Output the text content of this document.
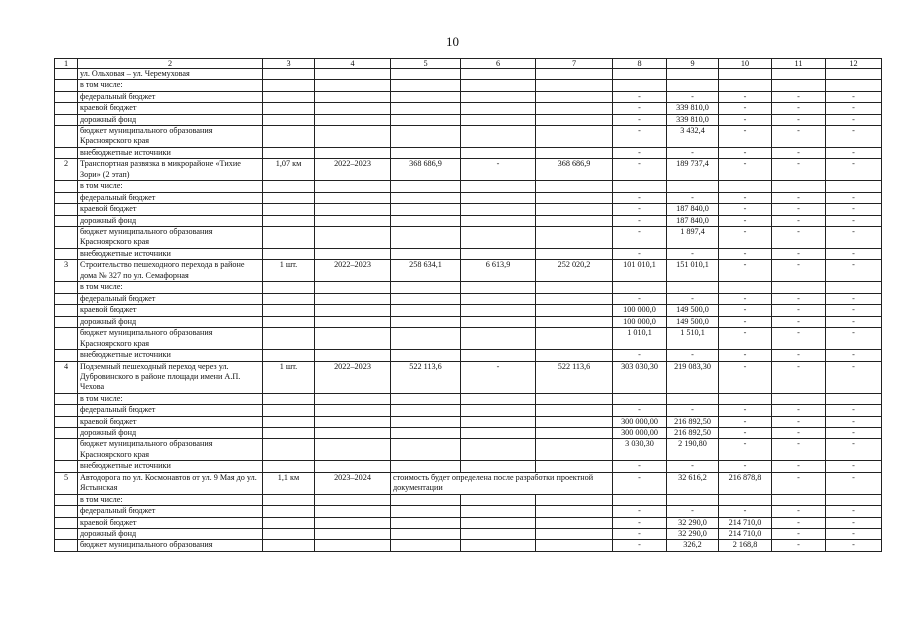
10
1	2	3	4	5	6	7	8	9	10	11	12
	ул. Ольховая – ул. Черемуховая										
	в том числе:										
	федеральный бюджет						-	-	-	-	-
	краевой бюджет						-	339 810,0	-	-	-
	дорожный фонд						-	339 810,0	-	-	-
	бюджет муниципального образования Красноярского края						-	3 432,4	-	-	-
	внебюджетные источники						-	-	-	-	-
2	Транспортная развязка в микрорайоне «Тихие Зори» (2 этап)	1,07 км	2022–2023	368 686,9	-	368 686,9	-	189 737,4	-	-	-
	в том числе:										
	федеральный бюджет						-	-	-	-	-
	краевой бюджет						-	187 840,0	-	-	-
	дорожный фонд						-	187 840,0	-	-	-
	бюджет муниципального образования Красноярского края						-	1 897,4	-	-	-
	внебюджетные источники						-	-	-	-	-
3	Строительство пешеходного перехода в районе дома № 327 по ул. Семафорная	1 шт.	2022–2023	258 634,1	6 613,9	252 020,2	101 010,1	151 010,1	-	-	-
	в том числе:										
	федеральный бюджет						-	-	-	-	-
	краевой бюджет						100 000,0	149 500,0	-	-	-
	дорожный фонд						100 000,0	149 500,0	-	-	-
	бюджет муниципального образования Красноярского края						1 010,1	1 510,1	-	-	-
	внебюджетные источники						-	-	-	-	-
4	Подземный пешеходный переход через ул. Дубровинского в районе площади имени А.П. Чехова	1 шт.	2022–2023	522 113,6	-	522 113,6	303 030,30	219 083,30	-	-	-
	в том числе:										
	федеральный бюджет						-	-	-	-	-
	краевой бюджет						300 000,00	216 892,50	-	-	-
	дорожный фонд						300 000,00	216 892,50	-	-	-
	бюджет муниципального образования Красноярского края						3 030,30	2 190,80	-	-	-
	внебюджетные источники						-	-	-	-	-
5	Автодорога по ул. Космонавтов от ул. 9 Мая до ул. Ястынская	1,1 км	2023–2024	стоимость будет определена после разработки проектной документации			-	32 616,2	216 878,8	-	-
	в том числе:										
	федеральный бюджет						-	-	-	-	-
	краевой бюджет						-	32 290,0	214 710,0	-	-
	дорожный фонд						-	32 290,0	214 710,0	-	-
	бюджет муниципального образования						-	326,2	2 168,8	-	-
